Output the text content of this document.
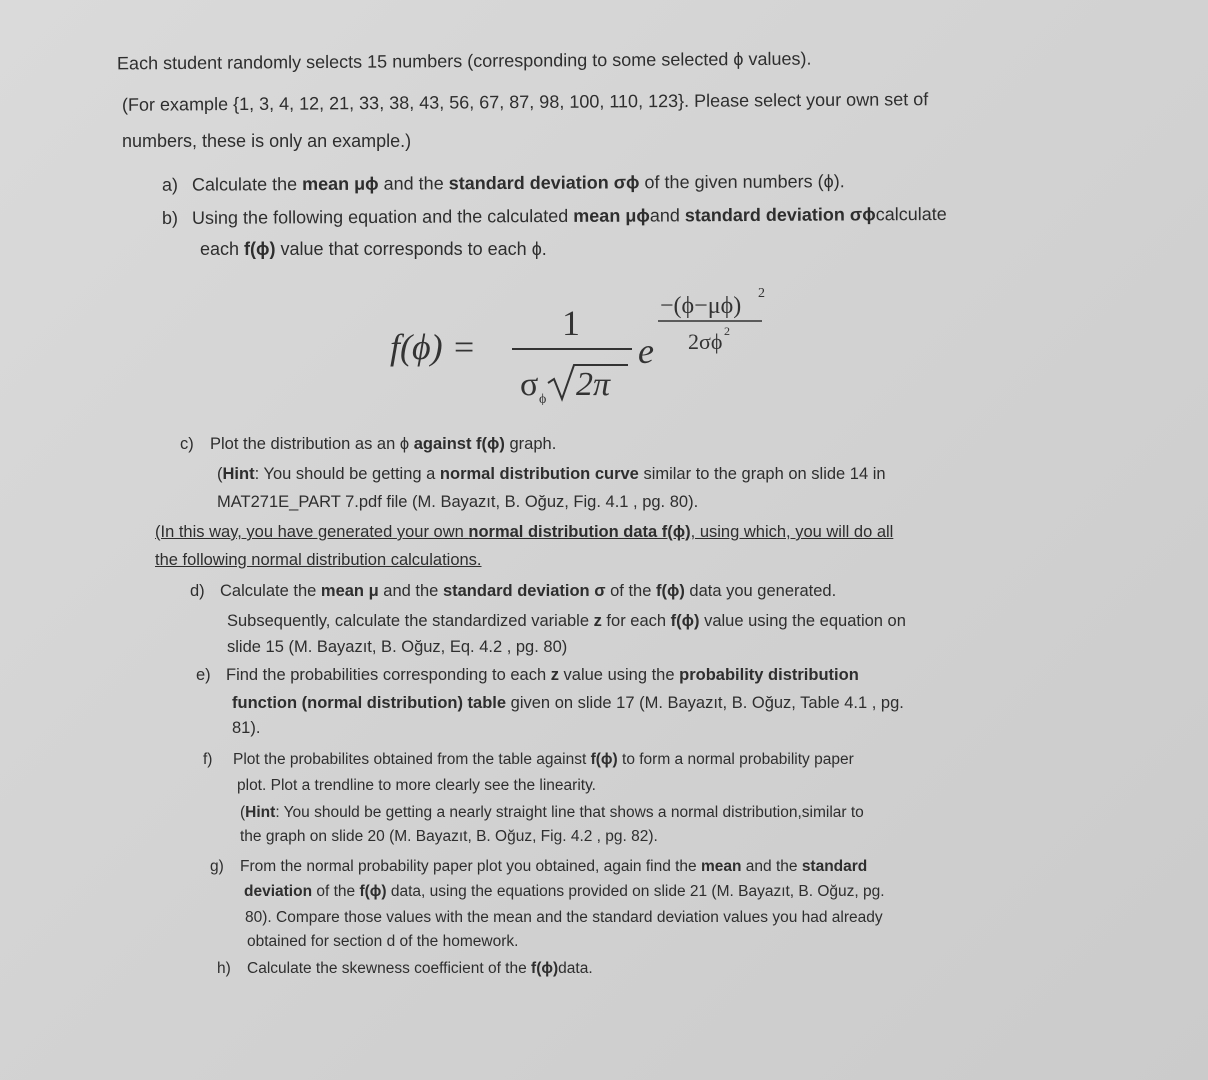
Each student randomly selects 15 numbers (corresponding to some selected ϕ values).
(For example {1, 3, 4, 12, 21, 33, 38, 43, 56, 67, 87, 98, 100, 110, 123}. Please select your own set of
numbers, these is only an example.)
a) Calculate the mean μϕ and the standard deviation σϕ of the given numbers (ϕ).
b) Using the following equation and the calculated mean μϕand standard deviation σϕcalculate
each f(ϕ) value that corresponds to each ϕ.
f(ϕ) =
1
σ ϕ 2π
e
−(ϕ−μϕ) 2
2σϕ 2
c) Plot the distribution as an ϕ against f(ϕ) graph.
(Hint: You should be getting a normal distribution curve similar to the graph on slide 14 in
MAT271E_PART 7.pdf file (M. Bayazıt, B. Oğuz, Fig. 4.1 , pg. 80).
(In this way, you have generated your own normal distribution data f(ϕ), using which, you will do all
the following normal distribution calculations.
d) Calculate the mean μ and the standard deviation σ of the f(ϕ) data you generated.
Subsequently, calculate the standardized variable z for each f(ϕ) value using the equation on
slide 15 (M. Bayazıt, B. Oğuz, Eq. 4.2 , pg. 80)
e) Find the probabilities corresponding to each z value using the probability distribution
function (normal distribution) table given on slide 17 (M. Bayazıt, B. Oğuz, Table 4.1 , pg.
81).
f) Plot the probabilites obtained from the table against f(ϕ) to form a normal probability paper
plot. Plot a trendline to more clearly see the linearity.
(Hint: You should be getting a nearly straight line that shows a normal distribution,similar to
the graph on slide 20 (M. Bayazıt, B. Oğuz, Fig. 4.2 , pg. 82).
g) From the normal probability paper plot you obtained, again find the mean and the standard
deviation of the f(ϕ) data, using the equations provided on slide 21 (M. Bayazıt, B. Oğuz, pg.
80). Compare those values with the mean and the standard deviation values you had already
obtained for section d of the homework.
h) Calculate the skewness coefficient of the f(ϕ)data.
